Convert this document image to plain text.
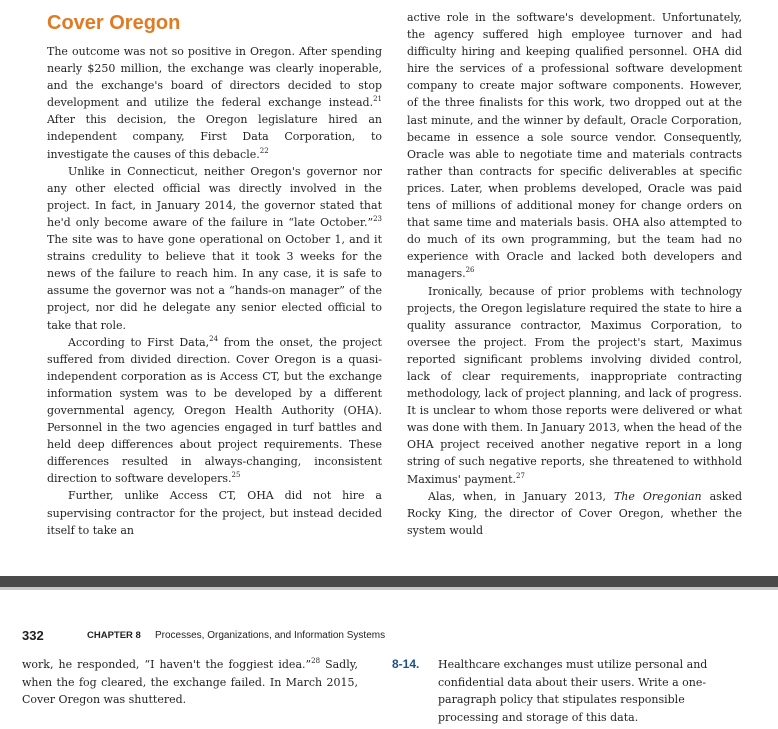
Cover Oregon

The outcome was not so positive in Oregon. After spending nearly $250 million, the exchange was clearly inoperable, and the exchange's board of directors decided to stop development and utilize the federal exchange instead.$^{21}$ After this decision, the Oregon legislature hired an independent company, First Data Corporation, to investigate the causes of this debacle.$^{22}$

Unlike in Connecticut, neither Oregon's governor nor any other elected official was directly involved in the project. In fact, in January 2014, the governor stated that he'd only become aware of the failure in “late October.”$^{23}$ The site was to have gone operational on October 1, and it strains credulity to believe that it took 3 weeks for the news of the failure to reach him. In any case, it is safe to assume the governor was not a “hands-on manager” of the project, nor did he delegate any senior elected official to take that role.

According to First Data,$^{24}$ from the onset, the project suffered from divided direction. Cover Oregon is a quasi-independent corporation as is Access CT, but the exchange information system was to be developed by a different governmental agency, Oregon Health Authority (OHA). Personnel in the two agencies engaged in turf battles and held deep differences about project requirements. These differences resulted in always-changing, inconsistent direction to software developers.$^{25}$

Further, unlike Access CT, OHA did not hire a supervising contractor for the project, but instead decided itself to take an

active role in the software's development. Unfortunately, the agency suffered high employee turnover and had difficulty hiring and keeping qualified personnel. OHA did hire the services of a professional software development company to create major software components. However, of the three finalists for this work, two dropped out at the last minute, and the winner by default, Oracle Corporation, became in essence a sole source vendor. Consequently, Oracle was able to negotiate time and materials contracts rather than contracts for specific deliverables at specific prices. Later, when problems developed, Oracle was paid tens of millions of additional money for change orders on that same time and materials basis. OHA also attempted to do much of its own programming, but the team had no experience with Oracle and lacked both developers and managers.$^{26}$

Ironically, because of prior problems with technology projects, the Oregon legislature required the state to hire a quality assurance contractor, Maximus Corporation, to oversee the project. From the project's start, Maximus reported significant problems involving divided control, lack of clear requirements, inappropriate contracting methodology, lack of project planning, and lack of progress. It is unclear to whom those reports were delivered or what was done with them. In January 2013, when the head of the OHA project received another negative report in a long string of such negative reports, she threatened to withhold Maximus' payment.$^{27}$

Alas, when, in January 2013, The Oregonian asked Rocky King, the director of Cover Oregon, whether the system would

332	CHAPTER 8 Processes, Organizations, and Information Systems

work, he responded, “I haven't the foggiest idea.”$^{28}$ Sadly, when the fog cleared, the exchange failed. In March 2015, Cover Oregon was shuttered.

8-14. Healthcare exchanges must utilize personal and confidential data about their users. Write a one-paragraph policy that stipulates responsible processing and storage of this data.
